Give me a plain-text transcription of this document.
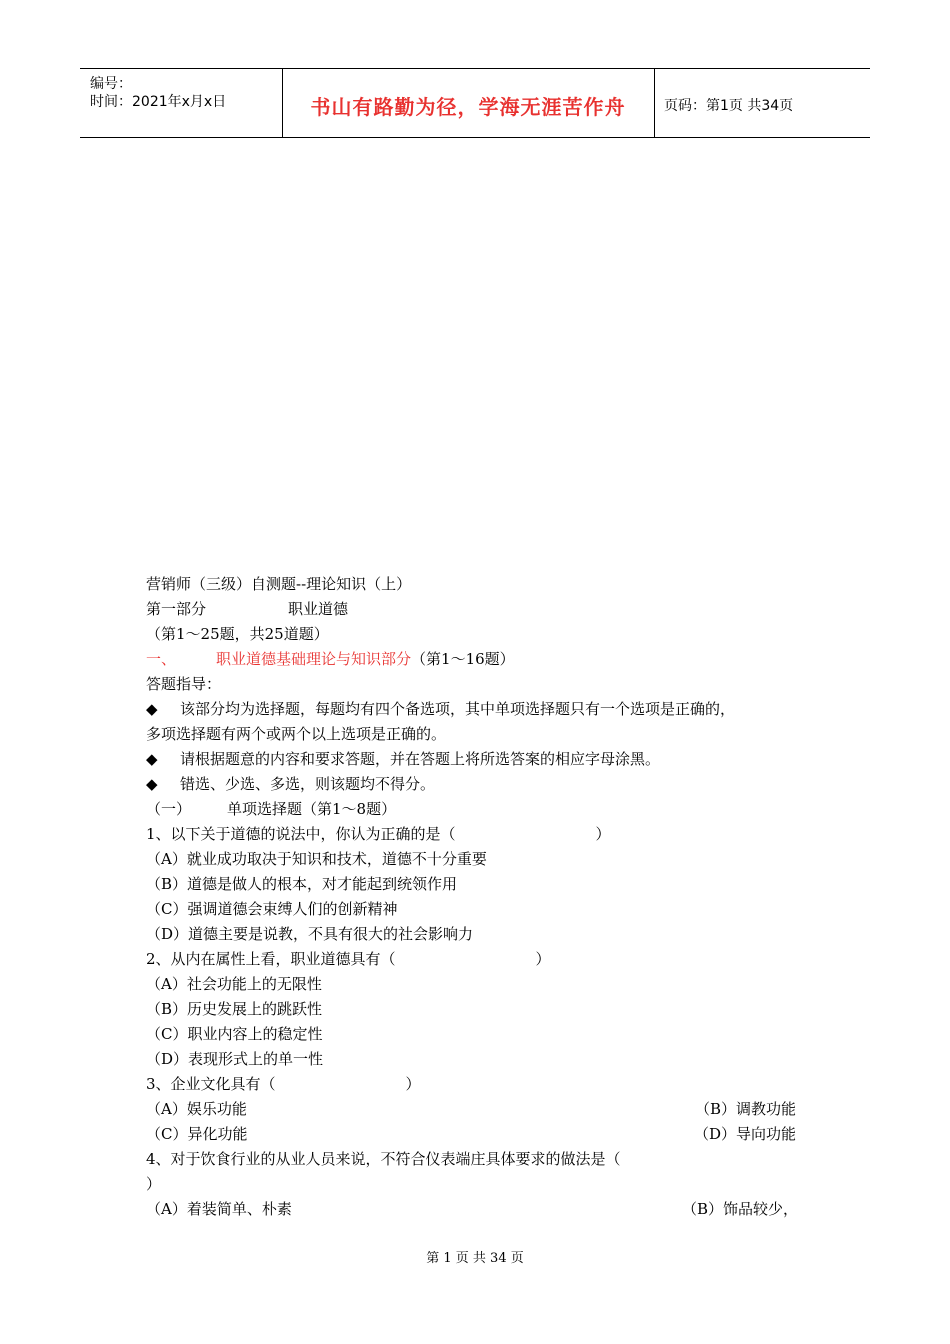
编号：
时间：2021年x月x日	书山有路勤为径，学海无涯苦作舟	页码：第1页 共34页
营销师（三级）自测题--理论知识（上）
第一部分	职业道德
（第1～25题，共25道题）
一、	职业道德基础理论与知识部分（第1～16题）
答题指导：
◆ 该部分均为选择题，每题均有四个备选项，其中单项选择题只有一个选项是正确的，
多项选择题有两个或两个以上选项是正确的。
◆ 请根据题意的内容和要求答题，并在答题上将所选答案的相应字母涂黑。
◆ 错选、少选、多选，则该题均不得分。
（一） 单项选择题（第1～8题）
1、以下关于道德的说法中，你认为正确的是（	）
（A）就业成功取决于知识和技术，道德不十分重要
（B）道德是做人的根本，对才能起到统领作用
（C）强调道德会束缚人们的创新精神
（D）道德主要是说教，不具有很大的社会影响力
2、从内在属性上看，职业道德具有（	）
（A）社会功能上的无限性
（B）历史发展上的跳跃性
（C）职业内容上的稳定性
（D）表现形式上的单一性
3、企业文化具有（	）
（A）娱乐功能	（B）调教功能
（C）异化功能	（D）导向功能
4、对于饮食行业的从业人员来说，不符合仪表端庄具体要求的做法是（
）
（A）着装简单、朴素	（B）饰品较少，
第 1 页 共 34 页
